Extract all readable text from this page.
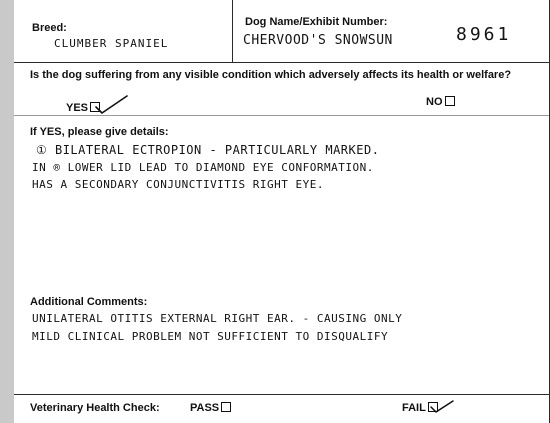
Breed:
CLUMBER SPANIEL
Dog Name/Exhibit Number:
CHERVOOD'S SNOWSUN	8961
Is the dog suffering from any visible condition which adversely affects its health or welfare?
YES	NO
If YES, please give details:
① BILATERAL ECTROPION - PARTICULARLY MARKED.
IN ® LOWER LID LEAD TO DIAMOND EYE CONFORMATION.
HAS A SECONDARY CONJUNCTIVITIS RIGHT EYE.
Additional Comments:
UNILATERAL OTITIS EXTERNAL RIGHT EAR. - CAUSING ONLY
MILD CLINICAL PROBLEM NOT SUFFICIENT TO DISQUALIFY
Veterinary Health Check:	PASS	FAIL
